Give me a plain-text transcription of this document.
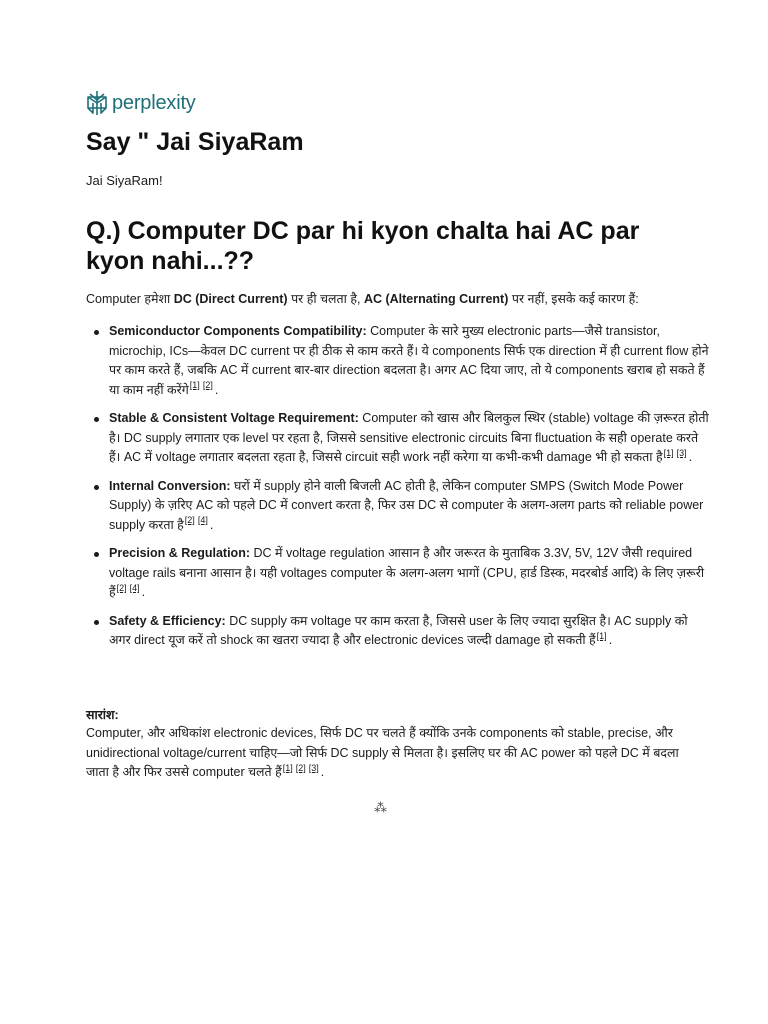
perplexity
Say " Jai SiyaRam

Jai SiyaRam!

Q.) Computer DC par hi kyon chalta hai AC par kyon nahi...??

Computer हमेशा DC (Direct Current) पर ही चलता है, AC (Alternating Current) पर नहीं, इसके कई कारण हैं:

Semiconductor Components Compatibility: Computer के सारे मुख्य electronic parts—जैसे transistor, microchip, ICs—केवल DC current पर ही ठीक से काम करते हैं। ये components सिर्फ एक direction में ही current flow होने पर काम करते हैं, जबकि AC में current बार-बार direction बदलता है। अगर AC दिया जाए, तो ये components खराब हो सकते हैं या काम नहीं करेंगे[1] [2] .
Stable & Consistent Voltage Requirement: Computer को खास और बिलकुल स्थिर (stable) voltage की ज़रूरत होती है। DC supply लगातार एक level पर रहता है, जिससे sensitive electronic circuits बिना fluctuation के सही operate करते हैं। AC में voltage लगातार बदलता रहता है, जिससे circuit सही work नहीं करेगा या कभी-कभी damage भी हो सकता है[1] [3] .
Internal Conversion: घरों में supply होने वाली बिजली AC होती है, लेकिन computer SMPS (Switch Mode Power Supply) के ज़रिए AC को पहले DC में convert करता है, फिर उस DC से computer के अलग-अलग parts को reliable power supply करता है[2] [4] .
Precision & Regulation: DC में voltage regulation आसान है और जरूरत के मुताबिक 3.3V, 5V, 12V जैसी required voltage rails बनाना आसान है। यही voltages computer के अलग-अलग भागों (CPU, हार्ड डिस्क, मदरबोर्ड आदि) के लिए ज़रूरी हैं[2] [4] .
Safety & Efficiency: DC supply कम voltage पर काम करता है, जिससे user के लिए ज्यादा सुरक्षित है। AC supply को अगर direct यूज करें तो shock का खतरा ज्यादा है और electronic devices जल्दी damage हो सकती हैं[1] .

सारांश:

Computer, और अधिकांश electronic devices, सिर्फ DC पर चलते हैं क्योंकि उनके components को stable, precise, और unidirectional voltage/current चाहिए—जो सिर्फ DC supply से मिलता है। इसलिए घर की AC power को पहले DC में बदला जाता है और फिर उससे computer चलते हैं[1] [2] [3] .

⁂
